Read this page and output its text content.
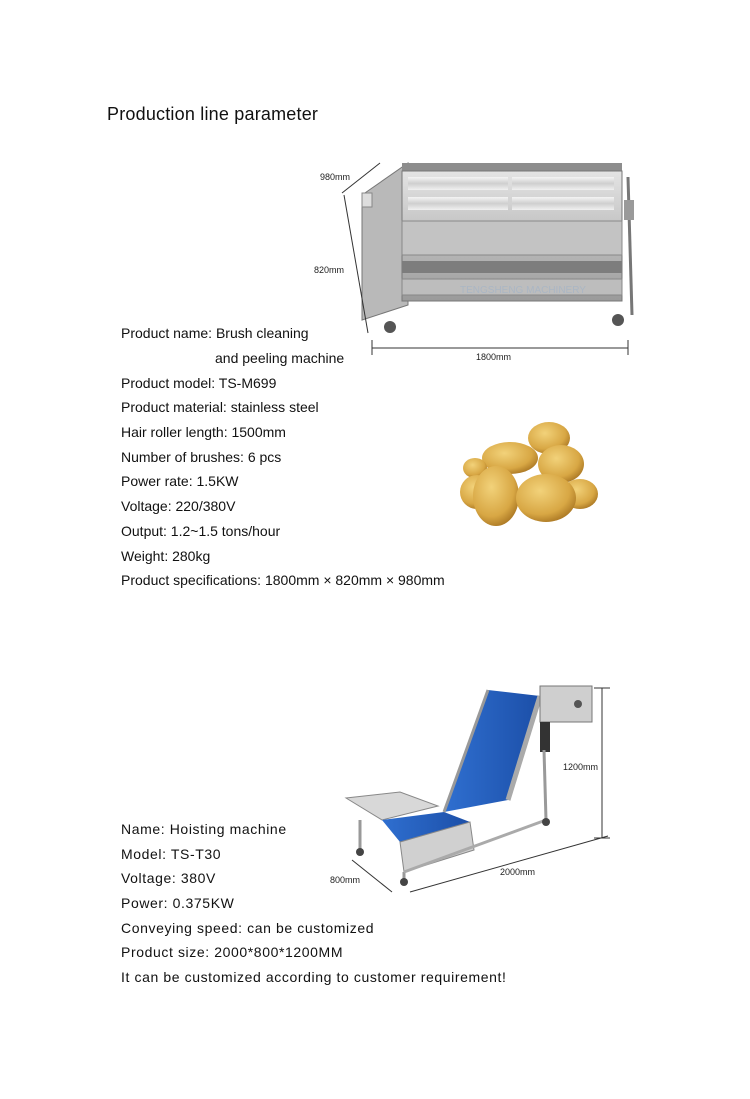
Production line parameter
TENGSHENG MACHINERY
980mm
820mm
1800mm
Product name: Brush cleaning
and peeling machine
Product model: TS-M699
Product material: stainless steel
Hair roller length: 1500mm
Number of brushes: 6 pcs
Power rate: 1.5KW
Voltage: 220/380V
Output: 1.2~1.5 tons/hour
Weight: 280kg
Product specifications: 1800mm × 820mm × 980mm
1200mm
800mm
2000mm
Name: Hoisting machine
Model: TS-T30
Voltage: 380V
Power: 0.375KW
Conveying speed: can be customized
Product size: 2000*800*1200MM
It can be customized according to customer requirement!
